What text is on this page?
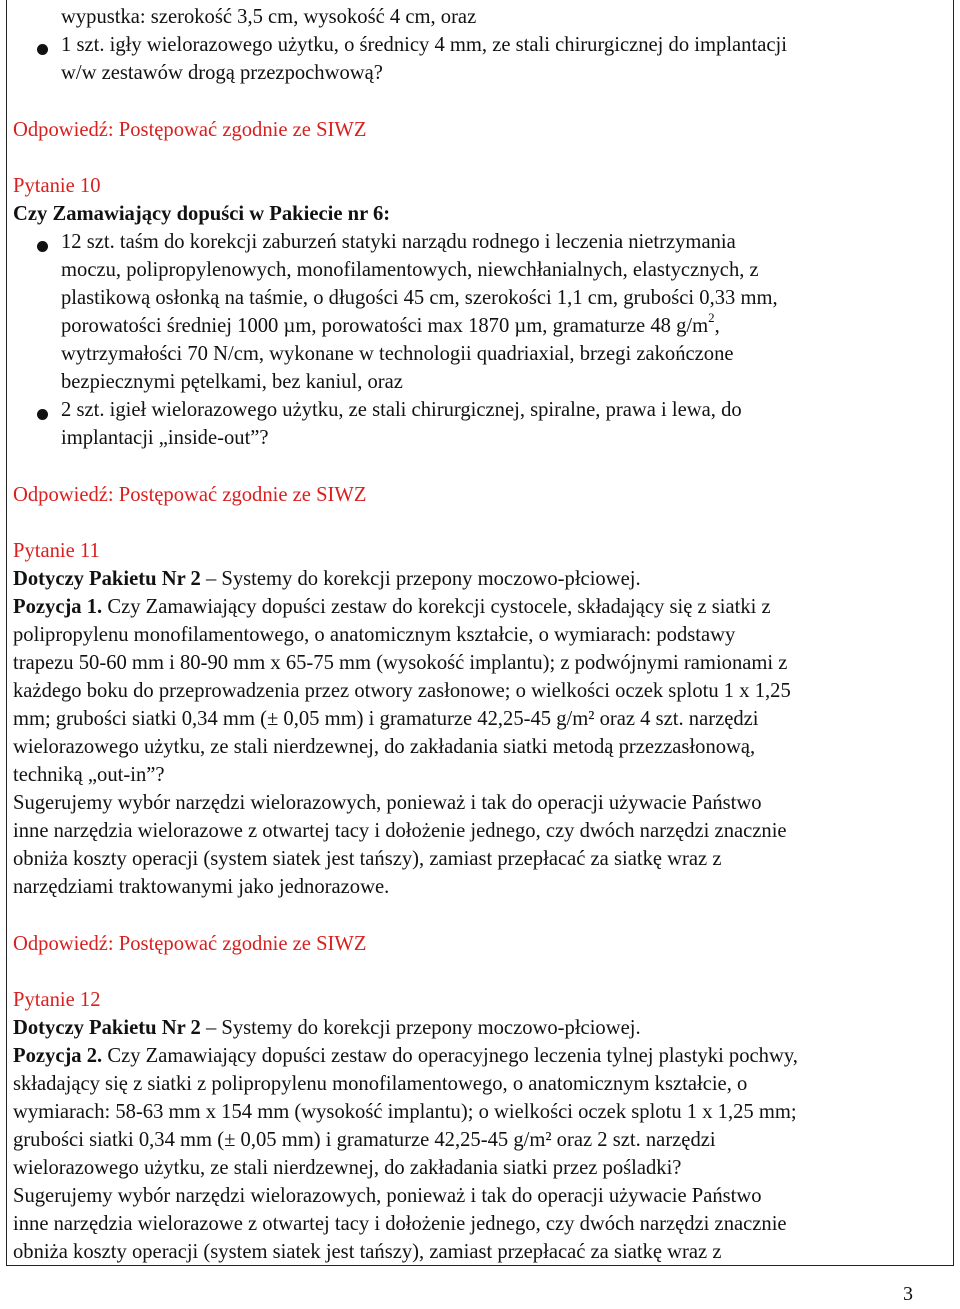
wypustka: szerokość 3,5 cm, wysokość 4 cm, oraz
1 szt. igły wielorazowego użytku, o średnicy 4 mm, ze stali chirurgicznej do implantacji
w/w zestawów drogą przezpochwową?
Odpowiedź: Postępować zgodnie ze SIWZ
Pytanie 10
Czy Zamawiający dopuści w Pakiecie nr 6:
12 szt. taśm do korekcji zaburzeń statyki narządu rodnego i leczenia nietrzymania
moczu, polipropylenowych, monofilamentowych, niewchłanialnych, elastycznych, z
plastikową osłonką na taśmie, o długości 45 cm, szerokości 1,1 cm, grubości 0,33 mm,
porowatości średniej 1000 µm, porowatości max 1870 µm, gramaturze 48 $g/m^2$,
wytrzymałości 70 N/cm, wykonane w technologii quadriaxial, brzegi zakończone
bezpiecznymi pętelkami, bez kaniul, oraz
2 szt. igieł wielorazowego użytku, ze stali chirurgicznej, spiralne, prawa i lewa, do
implantacji „inside-out”?
Odpowiedź: Postępować zgodnie ze SIWZ
Pytanie 11
Dotyczy Pakietu Nr 2 – Systemy do korekcji przepony moczowo-płciowej.
Pozycja 1. Czy Zamawiający dopuści zestaw do korekcji cystocele, składający się z siatki z
polipropylenu monofilamentowego, o anatomicznym kształcie, o wymiarach: podstawy
trapezu 50-60 mm i 80-90 mm x 65-75 mm (wysokość implantu); z podwójnymi ramionami z
każdego boku do przeprowadzenia przez otwory zasłonowe; o wielkości oczek splotu 1 x 1,25
mm; grubości siatki 0,34 mm (± 0,05 mm) i gramaturze 42,25-45 g/m² oraz 4 szt. narzędzi
wielorazowego użytku, ze stali nierdzewnej, do zakładania siatki metodą przezzasłonową,
techniką „out-in”?
Sugerujemy wybór narzędzi wielorazowych, ponieważ i tak do operacji używacie Państwo
inne narzędzia wielorazowe z otwartej tacy i dołożenie jednego, czy dwóch narzędzi znacznie
obniża koszty operacji (system siatek jest tańszy), zamiast przepłacać za siatkę wraz z
narzędziami traktowanymi jako jednorazowe.
Odpowiedź: Postępować zgodnie ze SIWZ
Pytanie 12
Dotyczy Pakietu Nr 2 – Systemy do korekcji przepony moczowo-płciowej.
Pozycja 2. Czy Zamawiający dopuści zestaw do operacyjnego leczenia tylnej plastyki pochwy,
składający się z siatki z polipropylenu monofilamentowego, o anatomicznym kształcie, o
wymiarach: 58-63 mm x 154 mm (wysokość implantu); o wielkości oczek splotu 1 x 1,25 mm;
grubości siatki 0,34 mm (± 0,05 mm) i gramaturze 42,25-45 g/m² oraz 2 szt. narzędzi
wielorazowego użytku, ze stali nierdzewnej, do zakładania siatki przez pośladki?
Sugerujemy wybór narzędzi wielorazowych, ponieważ i tak do operacji używacie Państwo
inne narzędzia wielorazowe z otwartej tacy i dołożenie jednego, czy dwóch narzędzi znacznie
obniża koszty operacji (system siatek jest tańszy), zamiast przepłacać za siatkę wraz z
3
